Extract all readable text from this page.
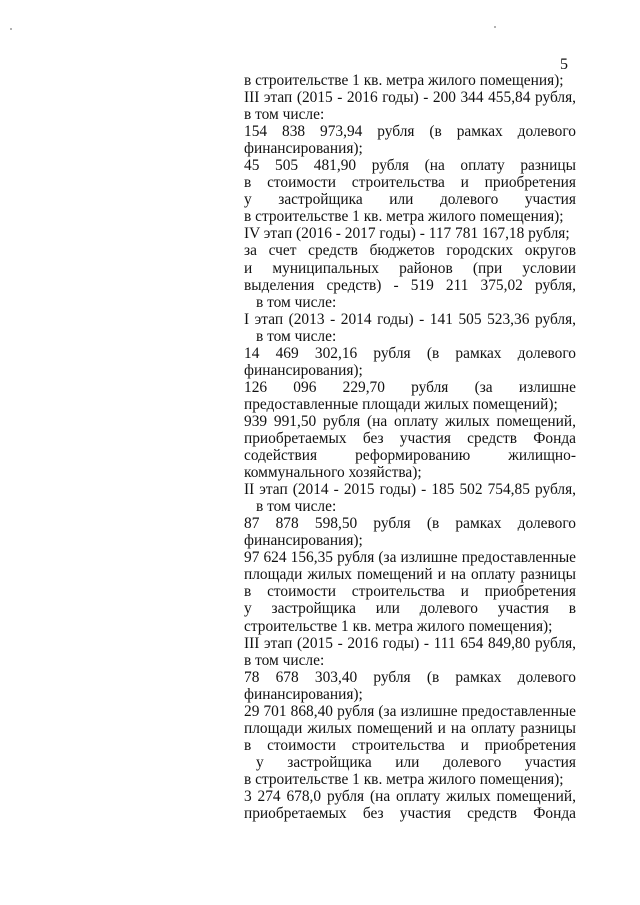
5
в строительстве 1 кв. метра жилого помещения);
III этап (2015 - 2016 годы) - 200 344 455,84 рубля,
в том числе:
154 838 973,94 рубля (в рамках долевого
финансирования);
45 505 481,90 рубля (на оплату разницы
в стоимости строительства и приобретения
у застройщика или долевого участия
в строительстве 1 кв. метра жилого помещения);
IV этап (2016 - 2017 годы) - 117 781 167,18 рубля;
за счет средств бюджетов городских округов
и муниципальных районов (при условии
выделения средств) - 519 211 375,02 рубля,
в том числе:
I этап (2013 - 2014 годы) - 141 505 523,36 рубля,
в том числе:
14 469 302,16 рубля (в рамках долевого
финансирования);
126 096 229,70 рубля (за излишне
предоставленные площади жилых помещений);
939 991,50 рубля (на оплату жилых помещений,
приобретаемых без участия средств Фонда
содействия реформированию жилищно-
коммунального хозяйства);
II этап (2014 - 2015 годы) - 185 502 754,85 рубля,
в том числе:
87 878 598,50 рубля (в рамках долевого
финансирования);
97 624 156,35 рубля (за излишне предоставленные
площади жилых помещений и на оплату разницы
в стоимости строительства и приобретения
у застройщика или долевого участия в
строительстве 1 кв. метра жилого помещения);
III этап (2015 - 2016 годы) - 111 654 849,80 рубля,
в том числе:
78 678 303,40 рубля (в рамках долевого
финансирования);
29 701 868,40 рубля (за излишне предоставленные
площади жилых помещений и на оплату разницы
в стоимости строительства и приобретения
у застройщика или долевого участия
в строительстве 1 кв. метра жилого помещения);
3 274 678,0 рубля (на оплату жилых помещений,
приобретаемых без участия средств Фонда
